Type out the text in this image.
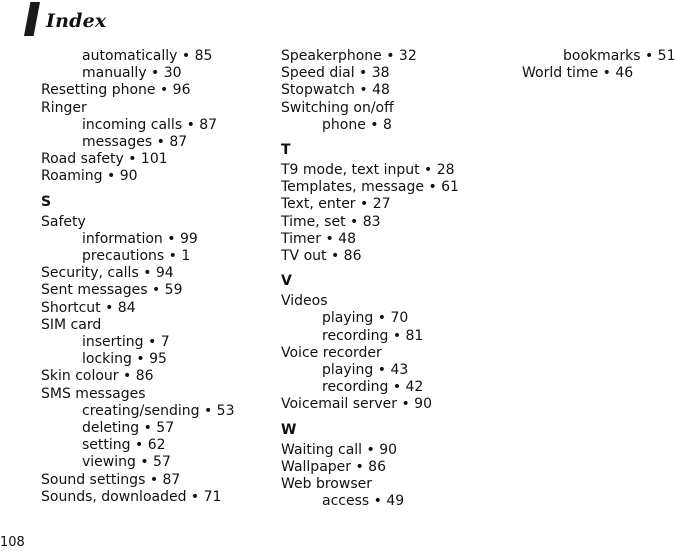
Index
automatically • 85
manually • 30
Resetting phone • 96
Ringer
incoming calls • 87
messages • 87
Road safety • 101
Roaming • 90
S
Safety
information • 99
precautions • 1
Security, calls • 94
Sent messages • 59
Shortcut • 84
SIM card
inserting • 7
locking • 95
Skin colour • 86
SMS messages
creating/sending • 53
deleting • 57
setting • 62
viewing • 57
Sound settings • 87
Sounds, downloaded • 71
Speakerphone • 32
Speed dial • 38
Stopwatch • 48
Switching on/off
phone • 8
T
T9 mode, text input • 28
Templates, message • 61
Text, enter • 27
Time, set • 83
Timer • 48
TV out • 86
V
Videos
playing • 70
recording • 81
Voice recorder
playing • 43
recording • 42
Voicemail server • 90
W
Waiting call • 90
Wallpaper • 86
Web browser
access • 49
bookmarks • 51
World time • 46
108
